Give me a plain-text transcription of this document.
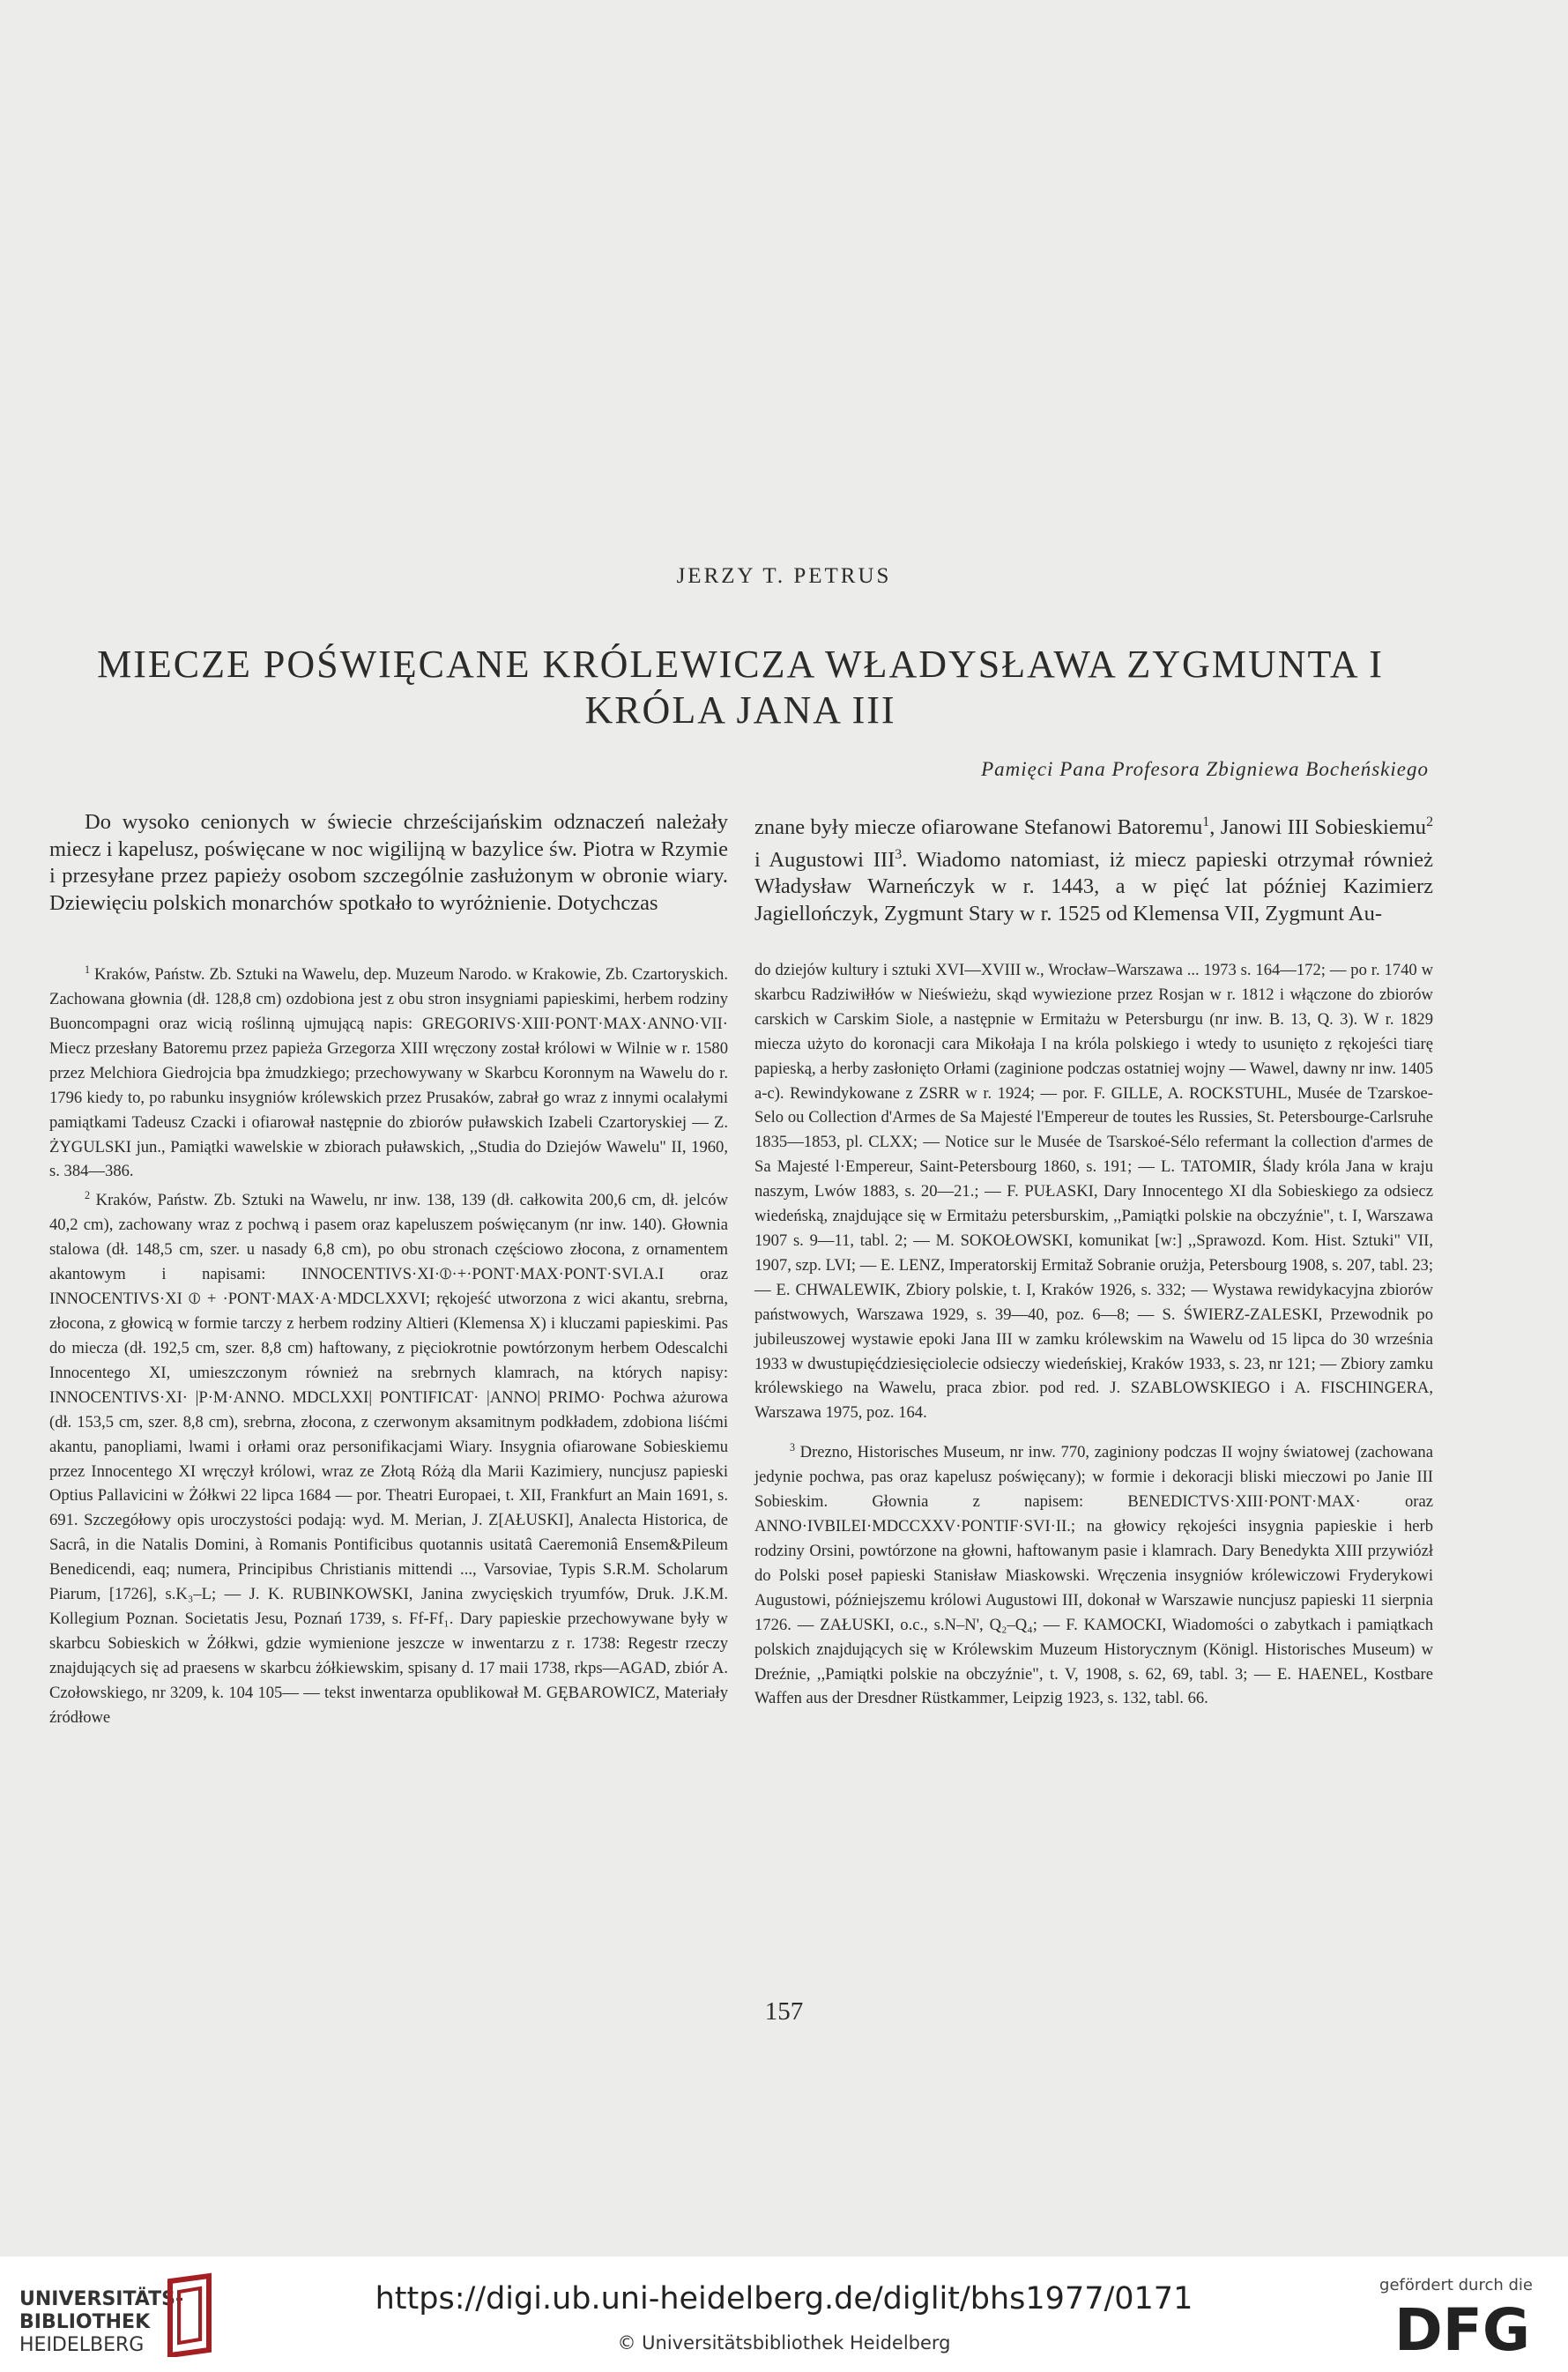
JERZY T. PETRUS
MIECZE POŚWIĘCANE KRÓLEWICZA WŁADYSŁAWA ZYGMUNTA I KRÓLA JANA III
Pamięci Pana Profesora Zbigniewa Bocheńskiego

Do wysoko cenionych w świecie chrześcijańskim odznaczeń należały miecz i kapelusz, poświęcane w noc wigilijną w bazylice św. Piotra w Rzymie i przesyłane przez papieży osobom szczególnie zasłużonym w obronie wiary. Dziewięciu polskich monarchów spotkało to wyróżnienie. Dotychczas

znane były miecze ofiarowane Stefanowi Batoremu$^1$, Janowi III Sobieskiemu$^2$ i Augustowi III$^3$. Wiadomo natomiast, iż miecz papieski otrzymał również Władysław Warneńczyk w r. 1443, a w pięć lat później Kazimierz Jagiellończyk, Zygmunt Stary w r. 1525 od Klemensa VII, Zygmunt Au-

$^1$ Kraków, Państw. Zb. Sztuki na Wawelu, dep. Muzeum Narodo. w Krakowie, Zb. Czartoryskich. Zachowana głownia (dł. 128,8 cm) ozdobiona jest z obu stron insygniami papieskimi, herbem rodziny Buoncompagni oraz wicią roślinną ujmującą napis: GREGORIVS·XIII·PONT·MAX·ANNO·VII· Miecz przesłany Batoremu przez papieża Grzegorza XIII wręczony został królowi w Wilnie w r. 1580 przez Melchiora Giedrojcia bpa żmudzkiego; przechowywany w Skarbcu Koronnym na Wawelu do r. 1796 kiedy to, po rabunku insygniów królewskich przez Prusaków, zabrał go wraz z innymi ocalałymi pamiątkami Tadeusz Czacki i ofiarował następnie do zbiorów puławskich Izabeli Czartoryskiej — Z. ŻYGULSKI jun., Pamiątki wawelskie w zbiorach puławskich, ,,Studia do Dziejów Wawelu" II, 1960, s. 384—386.

$^2$ Kraków, Państw. Zb. Sztuki na Wawelu, nr inw. 138, 139 (dł. całkowita 200,6 cm, dł. jelców 40,2 cm), zachowany wraz z pochwą i pasem oraz kapeluszem poświęcanym (nr inw. 140). Głownia stalowa (dł. 148,5 cm, szer. u nasady 6,8 cm), po obu stronach częściowo złocona, z ornamentem akantowym i napisami: INNOCENTIVS·XI·⦶·+·PONT·MAX·PONT·SVI.A.I oraz INNOCENTIVS·XI ⦶ + ·PONT·MAX·A·MDCLXXVI; rękojeść utworzona z wici akantu, srebrna, złocona, z głowicą w formie tarczy z herbem rodziny Altieri (Klemensa X) i kluczami papieskimi. Pas do miecza (dł. 192,5 cm, szer. 8,8 cm) haftowany, z pięciokrotnie powtórzonym herbem Odescalchi Innocentego XI, umieszczonym również na srebrnych klamrach, na których napisy: INNOCENTIVS·XI· |P·M·ANNO. MDCLXXI| PONTIFICAT· |ANNO| PRIMO· Pochwa ażurowa (dł. 153,5 cm, szer. 8,8 cm), srebrna, złocona, z czerwonym aksamitnym podkładem, zdobiona liśćmi akantu, panopliami, lwami i orłami oraz personifikacjami Wiary. Insygnia ofiarowane Sobieskiemu przez Innocentego XI wręczył królowi, wraz ze Złotą Różą dla Marii Kazimiery, nuncjusz papieski Optius Pallavicini w Żółkwi 22 lipca 1684 — por. Theatri Europaei, t. XII, Frankfurt an Main 1691, s. 691. Szczegółowy opis uroczystości podają: wyd. M. Merian, J. Z[AŁUSKI], Analecta Historica, de Sacrâ, in die Natalis Domini, à Romanis Pontificibus quotannis usitatâ Caeremoniâ Ensem&Pileum Benedicendi, eaq; numera, Principibus Christianis mittendi ..., Varsoviae, Typis S.R.M. Scholarum Piarum, [1726], s.K₃–L; — J. K. RUBINKOWSKI, Janina zwycięskich tryumfów, Druk. J.K.M. Kollegium Poznan. Societatis Jesu, Poznań 1739, s. Ff-Ff₁. Dary papieskie przechowywane były w skarbcu Sobieskich w Żółkwi, gdzie wymienione jeszcze w inwentarzu z r. 1738: Regestr rzeczy znajdujących się ad praesens w skarbcu żółkiewskim, spisany d. 17 maii 1738, rkps—AGAD, zbiór A. Czołowskiego, nr 3209, k. 104 105— — tekst inwentarza opublikował M. GĘBAROWICZ, Materiały źródłowe

do dziejów kultury i sztuki XVI—XVIII w., Wrocław–Warszawa ... 1973 s. 164—172; — po r. 1740 w skarbcu Radziwiłłów w Nieświeżu, skąd wywiezione przez Rosjan w r. 1812 i włączone do zbiorów carskich w Carskim Siole, a następnie w Ermitażu w Petersburgu (nr inw. B. 13, Q. 3). W r. 1829 miecza użyto do koronacji cara Mikołaja I na króla polskiego i wtedy to usunięto z rękojeści tiarę papieską, a herby zasłonięto Orłami (zaginione podczas ostatniej wojny — Wawel, dawny nr inw. 1405 a-c). Rewindykowane z ZSRR w r. 1924; — por. F. GILLE, A. ROCKSTUHL, Musée de Tzarskoe-Selo ou Collection d'Armes de Sa Majesté l'Empereur de toutes les Russies, St. Petersbourge-Carlsruhe 1835—1853, pl. CLXX; — Notice sur le Musée de Tsarskoé-Sélo refermant la collection d'armes de Sa Majesté l·Empereur, Saint-Petersbourg 1860, s. 191; — L. TATOMIR, Ślady króla Jana w kraju naszym, Lwów 1883, s. 20—21.; — F. PUŁASKI, Dary Innocentego XI dla Sobieskiego za odsiecz wiedeńską, znajdujące się w Ermitażu petersburskim, ,,Pamiątki polskie na obczyźnie", t. I, Warszawa 1907 s. 9—11, tabl. 2; — M. SOKOŁOWSKI, komunikat [w:] ,,Sprawozd. Kom. Hist. Sztuki" VII, 1907, szp. LVI; — E. LENZ, Imperatorskij Ermitaž Sobranie orużja, Petersbourg 1908, s. 207, tabl. 23; — E. CHWALEWIK, Zbiory polskie, t. I, Kraków 1926, s. 332; — Wystawa rewidykacyjna zbiorów państwowych, Warszawa 1929, s. 39—40, poz. 6—8; — S. ŚWIERZ-ZALESKI, Przewodnik po jubileuszowej wystawie epoki Jana III w zamku królewskim na Wawelu od 15 lipca do 30 września 1933 w dwustupięćdziesięciolecie odsieczy wiedeńskiej, Kraków 1933, s. 23, nr 121; — Zbiory zamku królewskiego na Wawelu, praca zbior. pod red. J. SZABLOWSKIEGO i A. FISCHINGERA, Warszawa 1975, poz. 164.

$^3$ Drezno, Historisches Museum, nr inw. 770, zaginiony podczas II wojny światowej (zachowana jedynie pochwa, pas oraz kapelusz poświęcany); w formie i dekoracji bliski mieczowi po Janie III Sobieskim. Głownia z napisem: BENEDICTVS·XIII·PONT·MAX· oraz ANNO·IVBILEI·MDCCXXV·PONTIF·SVI·II.; na głowicy rękojeści insygnia papieskie i herb rodziny Orsini, powtórzone na głowni, haftowanym pasie i klamrach. Dary Benedykta XIII przywiózł do Polski poseł papieski Stanisław Miaskowski. Wręczenia insygniów królewiczowi Fryderykowi Augustowi, późniejszemu królowi Augustowi III, dokonał w Warszawie nuncjusz papieski 11 sierpnia 1726. — ZAŁUSKI, o.c., s.N–N', Q₂–Q₄; — F. KAMOCKI, Wiadomości o zabytkach i pamiątkach polskich znajdujących się w Królewskim Muzeum Historycznym (Königl. Historisches Museum) w Dreźnie, ,,Pamiątki polskie na obczyźnie", t. V, 1908, s. 62, 69, tabl. 3; — E. HAENEL, Kostbare Waffen aus der Dresdner Rüstkammer, Leipzig 1923, s. 132, tabl. 66.

157
UNIVERSITÄTS-
BIBLIOTHEK
HEIDELBERG
https://digi.ub.uni-heidelberg.de/diglit/bhs1977/0171
© Universitätsbibliothek Heidelberg
gefördert durch die
DFG
